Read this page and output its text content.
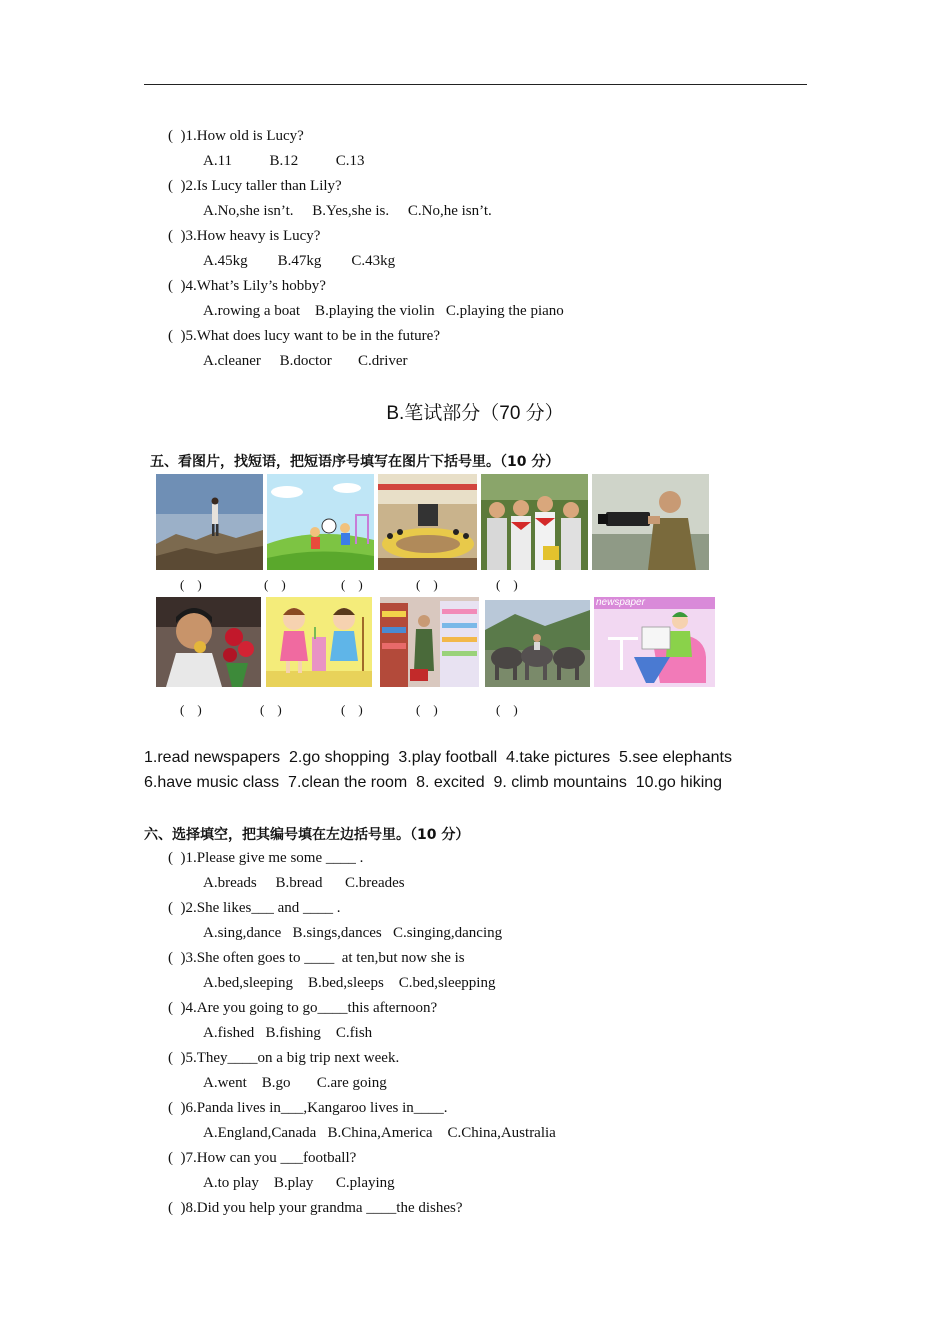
(  )1.How old is Lucy?
A.11          B.12          C.13
(  )2.Is Lucy taller than Lily?
A.No,she isn’t.     B.Yes,she is.     C.No,he isn’t.
(  )3.How heavy is Lucy?
A.45kg        B.47kg        C.43kg
(  )4.What’s Lily’s hobby?
A.rowing a boat    B.playing the violin   C.playing the piano
(  )5.What does lucy want to be in the future?
A.cleaner     B.doctor       C.driver
B.笔试部分（70 分）
五、看图片，找短语，把短语序号填写在图片下括号里。（10 分）
(    )	(    )	(    )	(    )	(    )
newspaper
(    )	(    )	(    )	(    )	(    )
1.read newspapers  2.go shopping  3.play football  4.take pictures  5.see elephants
6.have music class  7.clean the room  8. excited  9. climb mountains  10.go hiking
六、选择填空，把其编号填在左边括号里。（10 分）
(  )1.Please give me some ____ .
A.breads     B.bread      C.breades
(  )2.She likes___ and ____ .
A.sing,dance   B.sings,dances   C.singing,dancing
(  )3.She often goes to ____  at ten,but now she is
A.bed,sleeping    B.bed,sleeps    C.bed,sleepping
(  )4.Are you going to go____this afternoon?
A.fished   B.fishing    C.fish
(  )5.They____on a big trip next week.
A.went    B.go       C.are going
(  )6.Panda lives in___,Kangaroo lives in____.
A.England,Canada   B.China,America    C.China,Australia
(  )7.How can you ___football?
A.to play    B.play      C.playing
(  )8.Did you help your grandma ____the dishes?
